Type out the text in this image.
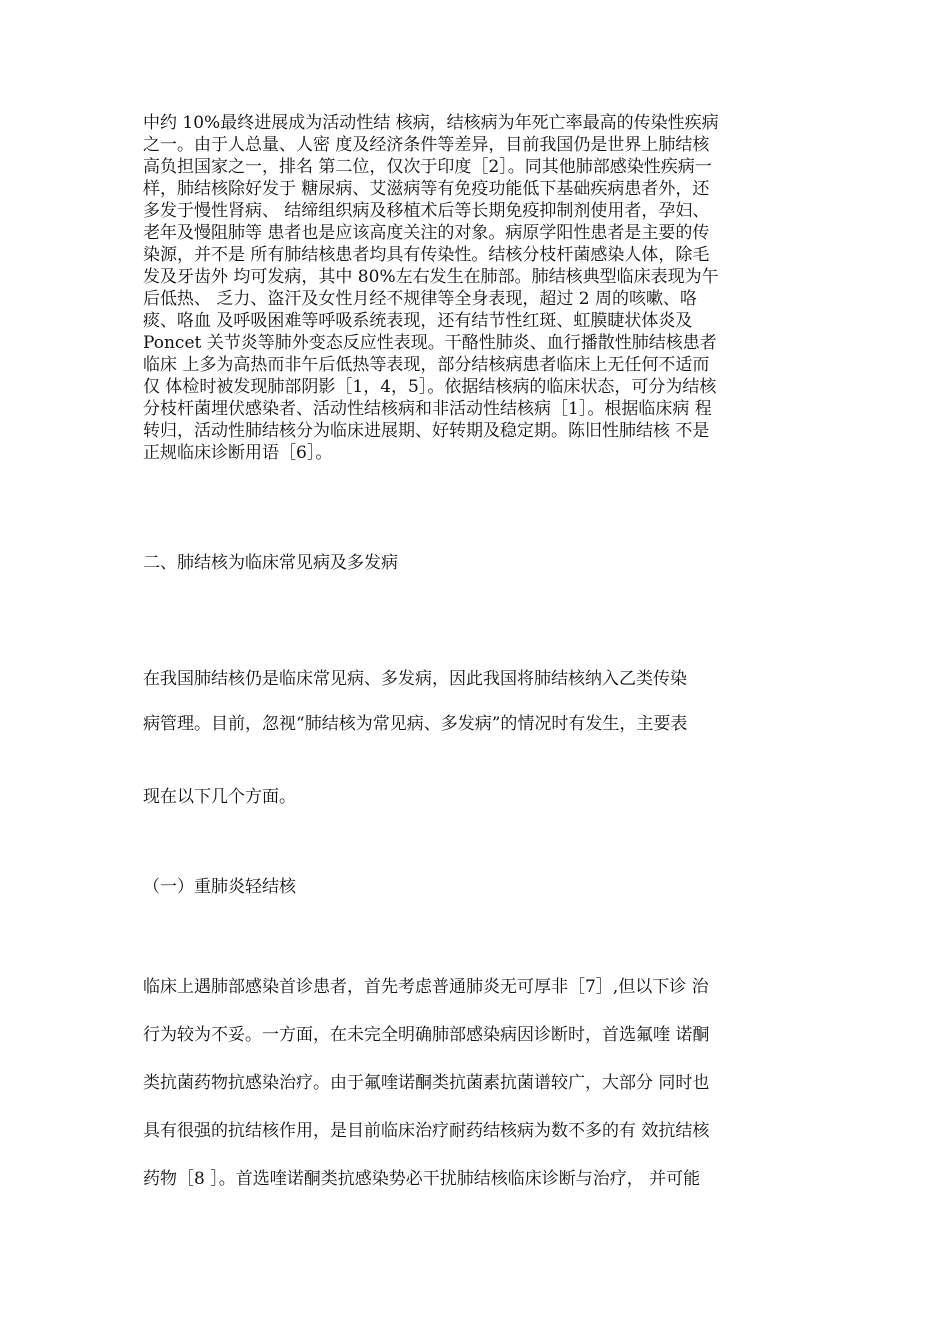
中约 10%最终进展成为活动性结 核病，结核病为年死亡率最高的传染性疾病
之一。由于人总量、人密 度及经济条件等差异，目前我国仍是世界上肺结核
高负担国家之一，排名 第二位，仅次于印度［2］。同其他肺部感染性疾病一
样，肺结核除好发于 糖尿病、艾滋病等有免疫功能低下基础疾病患者外，还
多发于慢性肾病、 结缔组织病及移植术后等长期免疫抑制剂使用者，孕妇、
老年及慢阻肺等 患者也是应该高度关注的对象。病原学阳性患者是主要的传
染源，并不是 所有肺结核患者均具有传染性。结核分枝杆菌感染人体，除毛
发及牙齿外 均可发病，其中 80%左右发生在肺部。肺结核典型临床表现为午
后低热、 乏力、盗汗及女性月经不规律等全身表现，超过 2 周的咳嗽、咯
痰、咯血 及呼吸困难等呼吸系统表现，还有结节性红斑、虹膜睫状体炎及
Poncet 关节炎等肺外变态反应性表现。干酪性肺炎、血行播散性肺结核患者
临床 上多为高热而非午后低热等表现，部分结核病患者临床上无任何不适而
仅 体检时被发现肺部阴影［1，4，5］。依据结核病的临床状态，可分为结核
分枝杆菌埋伏感染者、活动性结核病和非活动性结核病［1］。根据临床病 程
转归，活动性肺结核分为临床进展期、好转期及稳定期。陈旧性肺结核 不是
正规临床诊断用语［6］。

二、肺结核为临床常见病及多发病

在我国肺结核仍是临床常见病、多发病，因此我国将肺结核纳入乙类传染
病管理。目前，忽视“肺结核为常见病、多发病”的情况时有发生，主要表
现在以下几个方面。

（一）重肺炎轻结核

临床上遇肺部感染首诊患者，首先考虑普通肺炎无可厚非［7］,但以下诊 治
行为较为不妥。一方面，在未完全明确肺部感染病因诊断时，首选氟喹 诺酮
类抗菌药物抗感染治疗。由于氟喹诺酮类抗菌素抗菌谱较广，大部分 同时也
具有很强的抗结核作用，是目前临床治疗耐药结核病为数不多的有 效抗结核
药物［8 ］。首选喹诺酮类抗感染势必干扰肺结核临床诊断与治疗， 并可能
